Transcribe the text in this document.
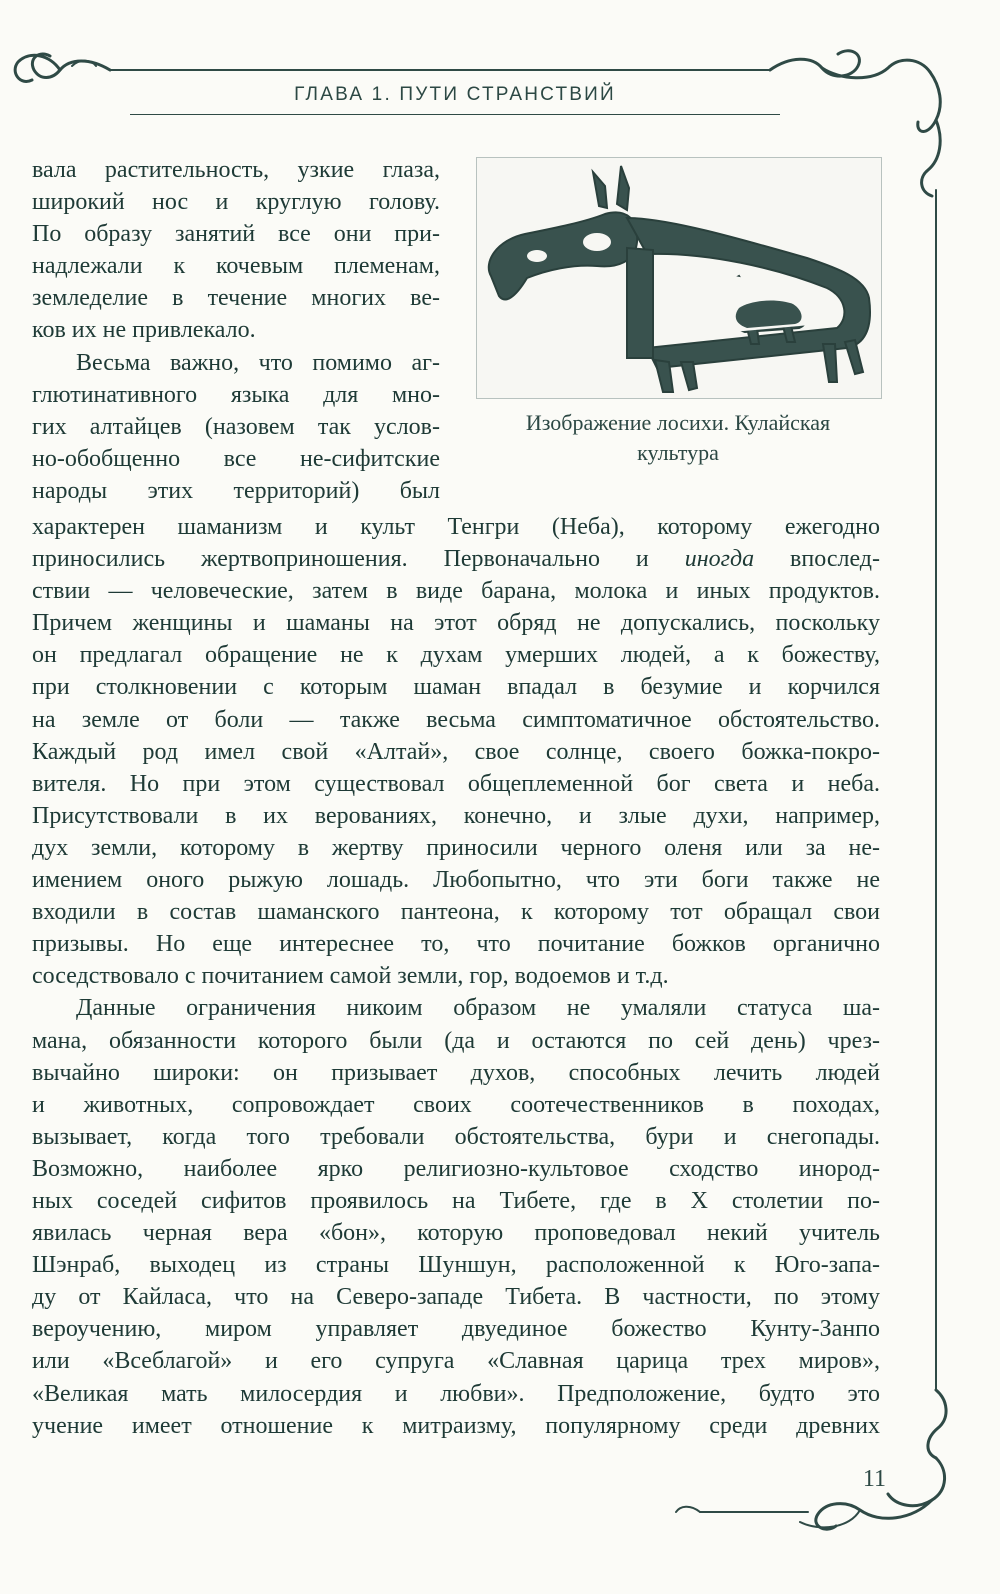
ГЛАВА 1. ПУТИ СТРАНСТВИЙ
Изображение лосихи. Кулайская
культура
вала растительность, узкие глаза,
широкий нос и круглую голову.
По образу занятий все они при-
надлежали к кочевым племенам,
земледелие в течение многих ве-
ков их не привлекало.
Весьма важно, что помимо аг-
глютинативного языка для мно-
гих алтайцев (назовем так услов-
но-обобщенно все не-сифитские
народы этих территорий) был
характерен шаманизм и культ Тенгри (Неба), которому ежегодно
приносились жертвоприношения. Первоначально и иногда впослед-
ствии — человеческие, затем в виде барана, молока и иных продуктов.
Причем женщины и шаманы на этот обряд не допускались, поскольку
он предлагал обращение не к духам умерших людей, а к божеству,
при столкновении с которым шаман впадал в безумие и корчился
на земле от боли — также весьма симптоматичное обстоятельство.
Каждый род имел свой «Алтай», свое солнце, своего божка-покро-
вителя. Но при этом существовал общеплеменной бог света и неба.
Присутствовали в их верованиях, конечно, и злые духи, например,
дух земли, которому в жертву приносили черного оленя или за не-
имением оного рыжую лошадь. Любопытно, что эти боги также не
входили в состав шаманского пантеона, к которому тот обращал свои
призывы. Но еще интереснее то, что почитание божков органично
соседствовало с почитанием самой земли, гор, водоемов и т.д.
Данные ограничения никоим образом не умаляли статуса ша-
мана, обязанности которого были (да и остаются по сей день) чрез-
вычайно широки: он призывает духов, способных лечить людей
и животных, сопровождает своих соотечественников в походах,
вызывает, когда того требовали обстоятельства, бури и снегопады.
Возможно, наиболее ярко религиозно-культовое сходство инород-
ных соседей сифитов проявилось на Тибете, где в X столетии по-
явилась черная вера «бон», которую проповедовал некий учитель
Шэнраб, выходец из страны Шуншун, расположенной к Юго-запа-
ду от Кайласа, что на Северо-западе Тибета. В частности, по этому
вероучению, миром управляет двуединое божество Кунту-Занпо
или «Всеблагой» и его супруга «Славная царица трех миров»,
«Великая мать милосердия и любви». Предположение, будто это
учение имеет отношение к митраизму, популярному среди древних
11
